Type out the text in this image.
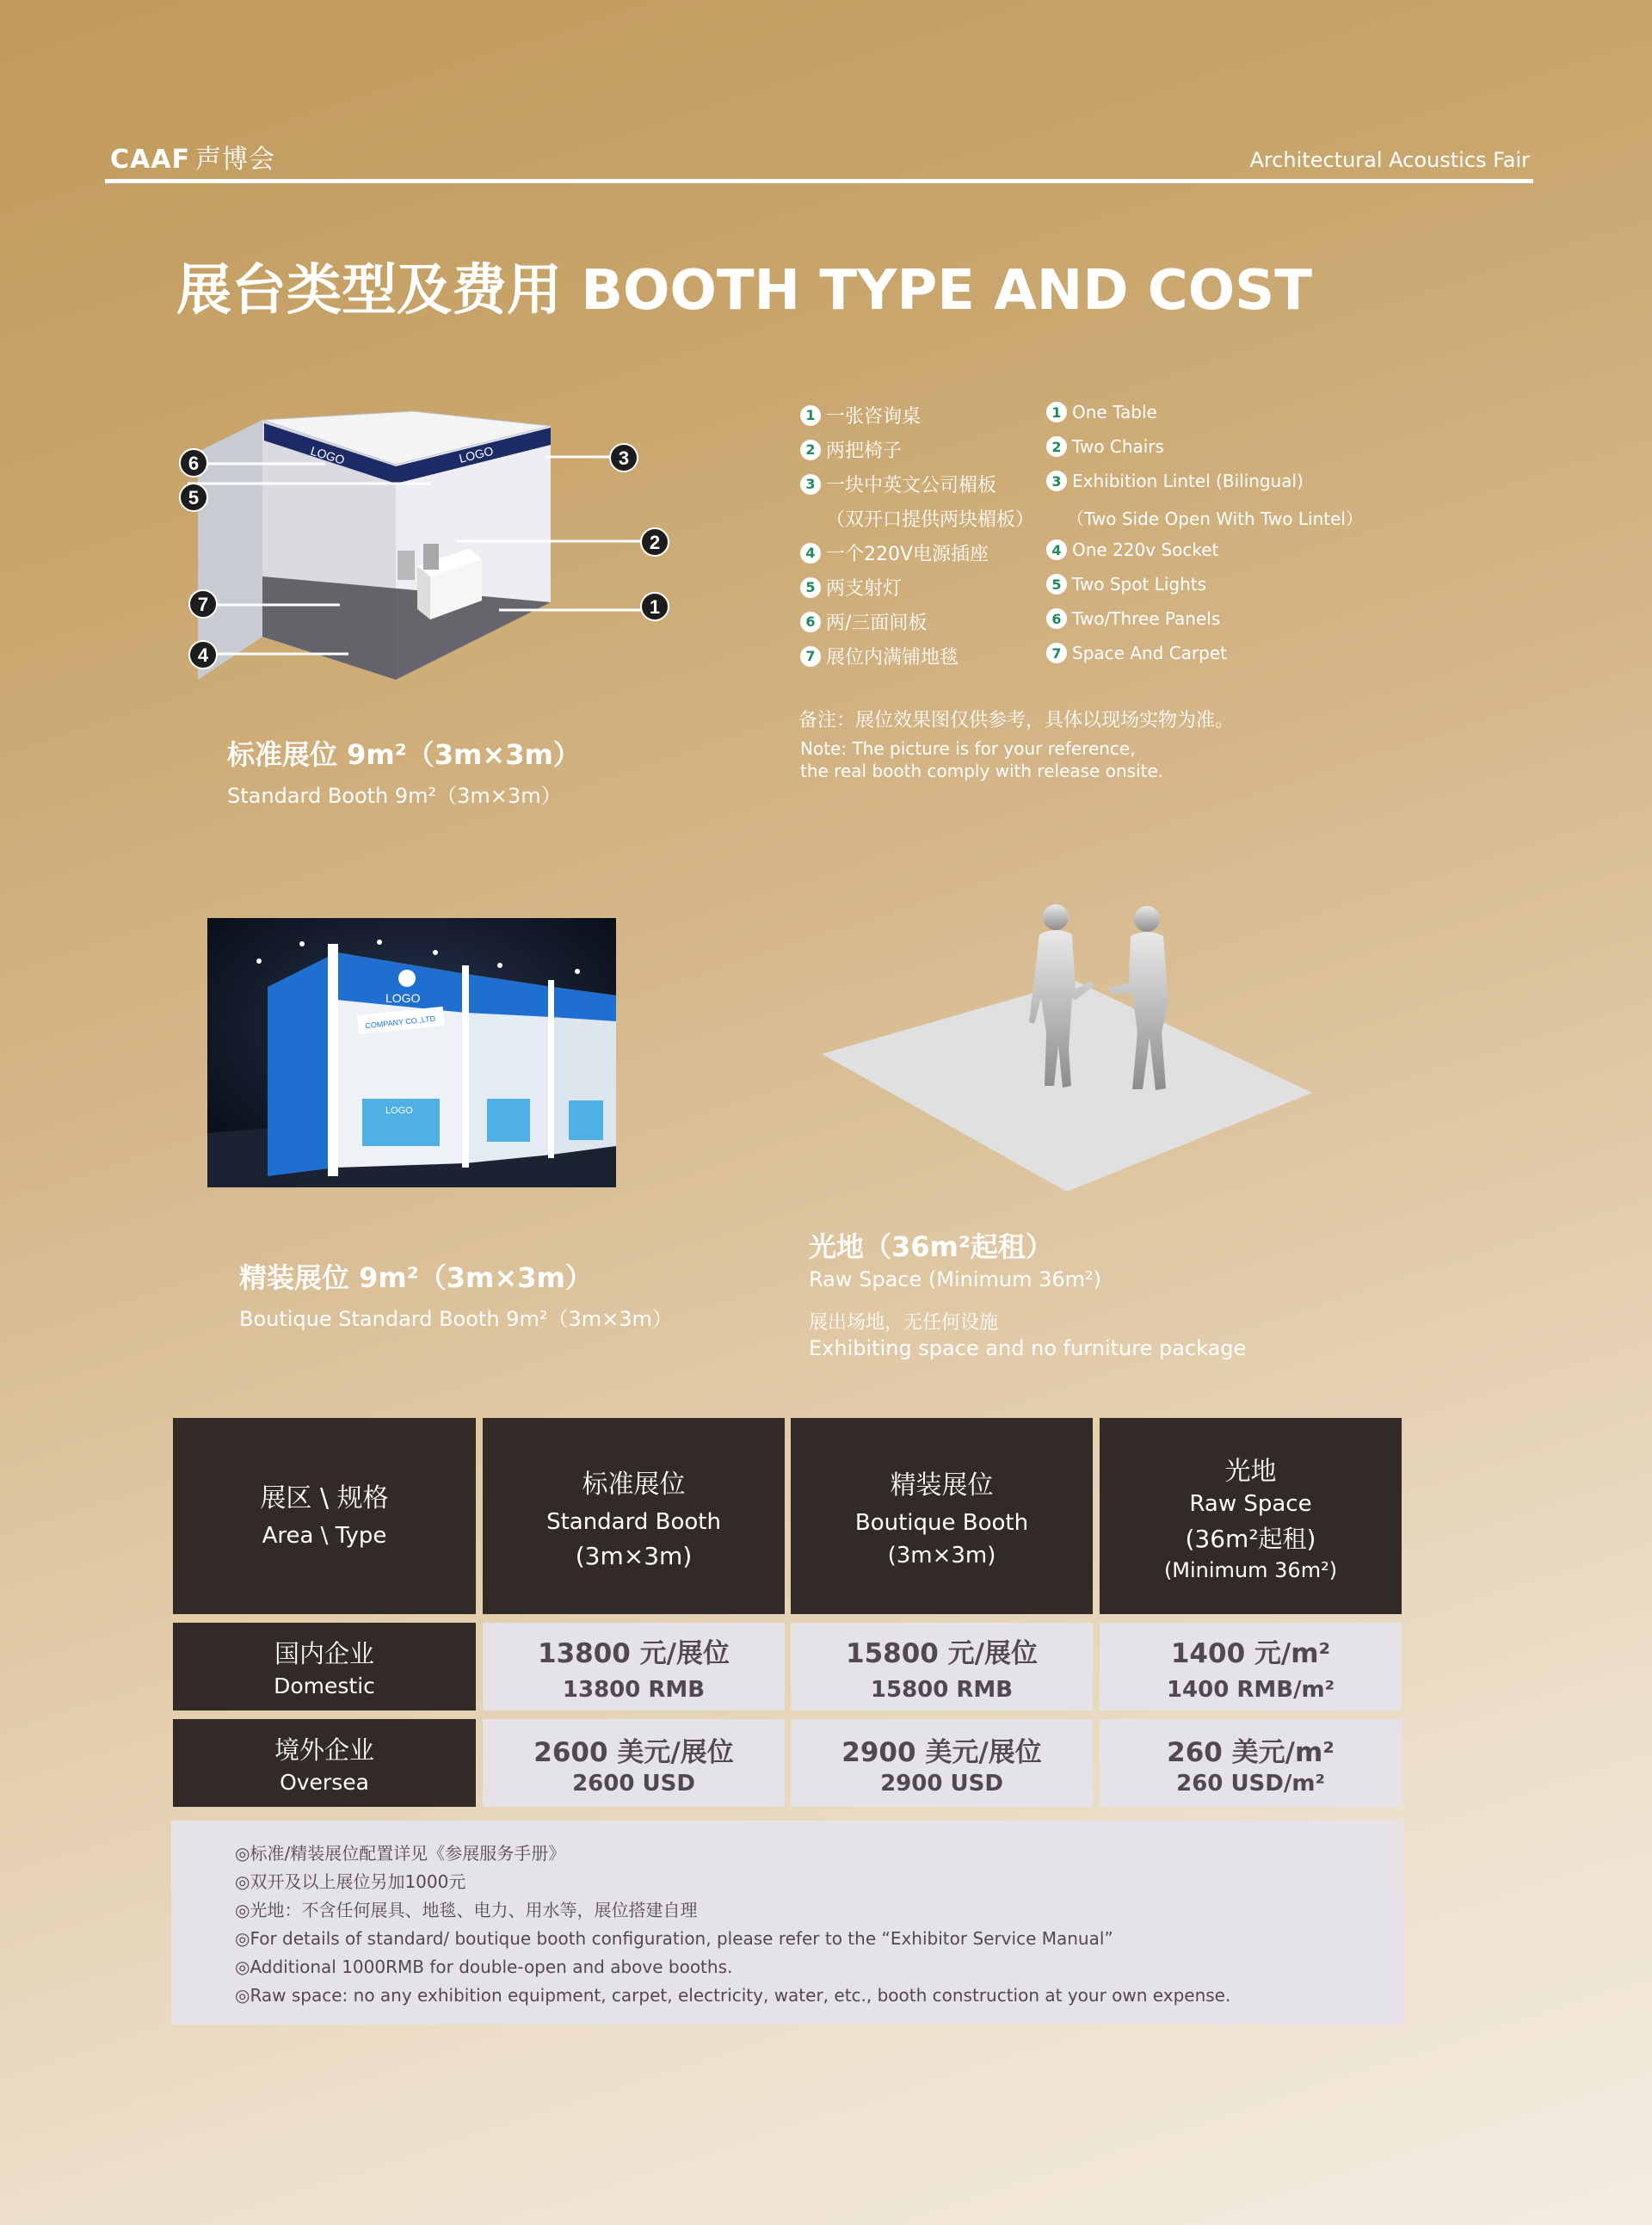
CAAF 声博会	Architectural Acoustics Fair
展台类型及费用 BOOTH TYPE AND COST
LOGO	LOGO
6
5
3
2
1
7
4
标准展位 9m²（3m×3m）
Standard Booth 9m²（3m×3m）
1 一张咨询桌
2 两把椅子
3 一块中英文公司楣板
（双开口提供两块楣板）
4 一个220V电源插座
5 两支射灯
6 两/三面间板
7 展位内满铺地毯
1 One Table
2 Two Chairs
3 Exhibition Lintel (Bilingual)
（Two Side Open With Two Lintel）
4 One 220v Socket
5 Two Spot Lights
6 Two/Three Panels
7 Space And Carpet
备注：展位效果图仅供参考，具体以现场实物为准。
Note: The picture is for your reference,
the real booth comply with release onsite.
COMPANY CO.,LTD
LOGO
LOGO
精装展位 9m²（3m×3m）
Boutique Standard Booth 9m²（3m×3m）
光地（36m²起租）
Raw Space (Minimum 36m²)
展出场地，无任何设施
Exhibiting space and no furniture package
展区 \ 规格
Area \ Type
标准展位
Standard Booth
(3m×3m)
精装展位
Boutique Booth
(3m×3m)
光地
Raw Space
(36m²起租)
(Minimum 36m²)
国内企业
Domestic
13800 元/展位
13800 RMB
15800 元/展位
15800 RMB
1400 元/m²
1400 RMB/m²
境外企业
Oversea
2600 美元/展位
2600 USD
2900 美元/展位
2900 USD
260 美元/m²
260 USD/m²
◎标准/精装展位配置详见《参展服务手册》
◎双开及以上展位另加1000元
◎光地：不含任何展具、地毯、电力、用水等，展位搭建自理
◎For details of standard/ boutique booth configuration, please refer to the “Exhibitor Service Manual”
◎Additional 1000RMB for double-open and above booths.
◎Raw space: no any exhibition equipment, carpet, electricity, water, etc., booth construction at your own expense.
